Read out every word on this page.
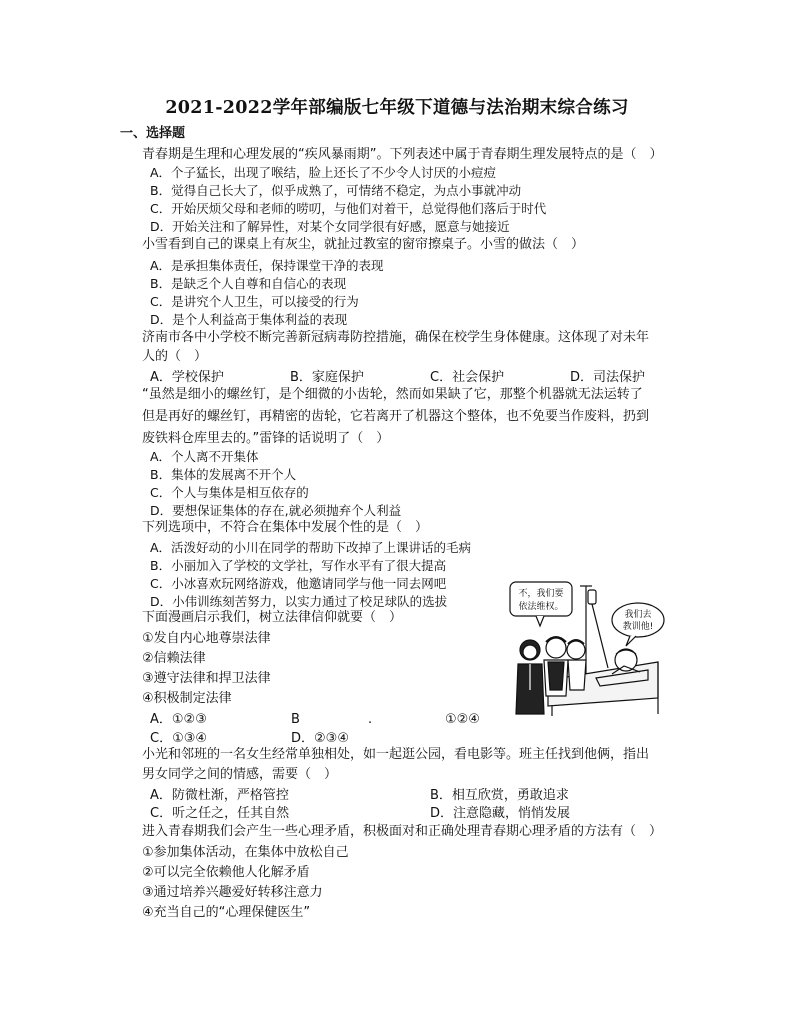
2021-2022学年部编版七年级下道德与法治期末综合练习
一、选择题
青春期是生理和心理发展的“疾风暴雨期”。下列表述中属于青春期生理发展特点的是（　）
A．个子猛长，出现了喉结，脸上还长了不少令人讨厌的小痘痘
B．觉得自己长大了，似乎成熟了，可情绪不稳定，为点小事就冲动
C．开始厌烦父母和老师的唠叨，与他们对着干，总觉得他们落后于时代
D．开始关注和了解异性，对某个女同学很有好感，愿意与她接近
小雪看到自己的课桌上有灰尘，就扯过教室的窗帘擦桌子。小雪的做法（　）
A．是承担集体责任，保持课堂干净的表现
B．是缺乏个人自尊和自信心的表现
C．是讲究个人卫生，可以接受的行为
D．是个人利益高于集体利益的表现
济南市各中小学校不断完善新冠病毒防控措施，确保在校学生身体健康。这体现了对未年
人的（　）
A．学校保护	B．家庭保护	C．社会保护	D．司法保护
“虽然是细小的螺丝钉，是个细微的小齿轮，然而如果缺了它，那整个机器就无法运转了
但是再好的螺丝钉，再精密的齿轮，它若离开了机器这个整体，也不免要当作废料，扔到
废铁料仓库里去的。”雷锋的话说明了（　）
A．个人离不开集体
B．集体的发展离不开个人
C．个人与集体是相互依存的
D．要想保证集体的存在,就必须抛弃个人利益
下列选项中，不符合在集体中发展个性的是（　）
A．活泼好动的小川在同学的帮助下改掉了上课讲话的毛病
B．小丽加入了学校的文学社，写作水平有了很大提高
C．小冰喜欢玩网络游戏，他邀请同学与他一同去网吧
D．小伟训练刻苦努力，以实力通过了校足球队的选拔
下面漫画启示我们，树立法律信仰就要（　）
①发自内心地尊崇法律
②信赖法律
③遵守法律和捍卫法律
④积极制定法律
A．①②③	B	.	①②④
C．①③④	D．②③④
不，我们要
依法维权。
我们去
教训他!
小光和邻班的一名女生经常单独相处，如一起逛公园，看电影等。班主任找到他俩，指出
男女同学之间的情感，需要（　）
A．防微杜渐，严格管控	B．相互欣赏，勇敢追求
C．听之任之，任其自然	D．注意隐藏，悄悄发展
进入青春期我们会产生一些心理矛盾，积极面对和正确处理青春期心理矛盾的方法有（　）
①参加集体活动，在集体中放松自己
②可以完全依赖他人化解矛盾
③通过培养兴趣爱好转移注意力
④充当自己的“心理保健医生”
